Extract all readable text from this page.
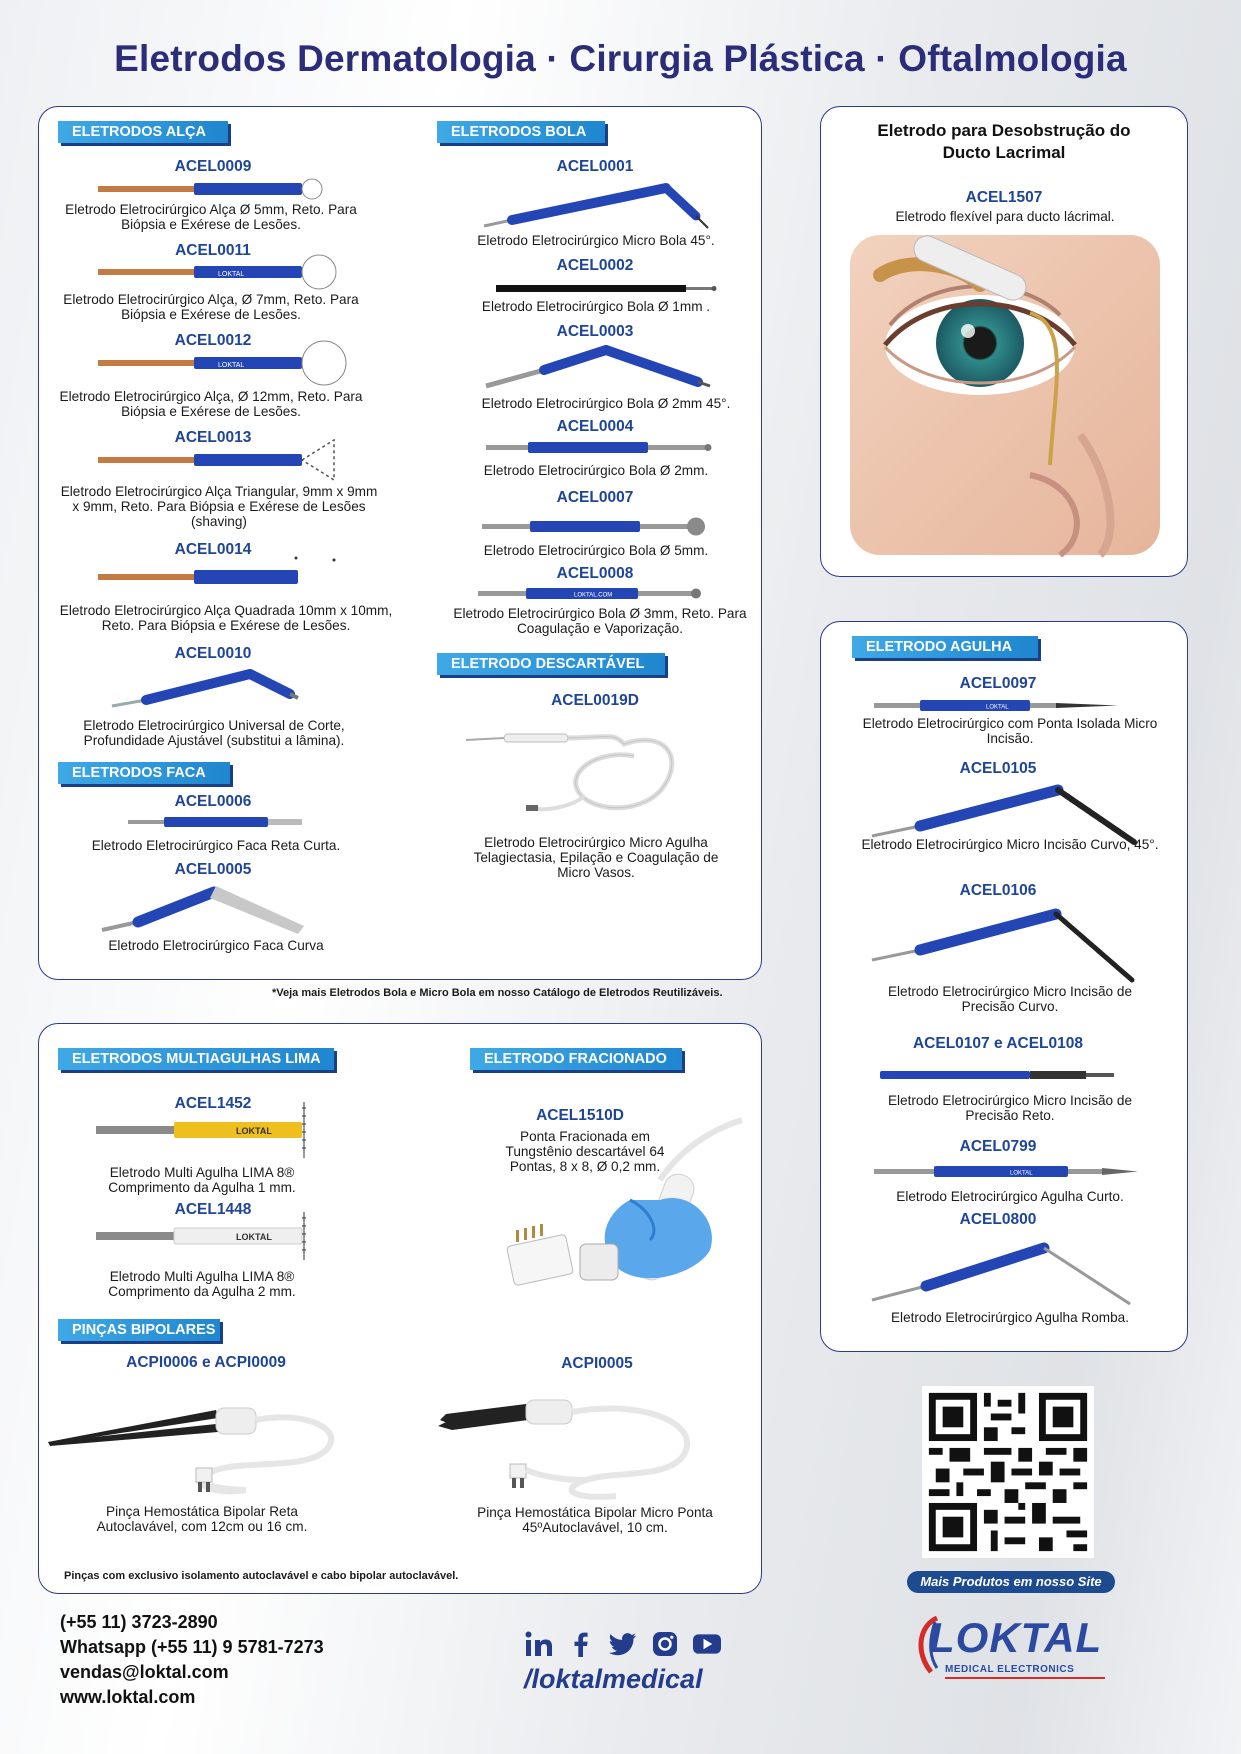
Eletrodos Dermatologia · Cirurgia Plástica · Oftalmologia
ELETRODOS ALÇA
ACEL0009
Eletrodo Eletrocirúrgico Alça Ø 5mm, Reto. Para Biópsia e Exérese de Lesões.
ACEL0011
LOKTAL
Eletrodo Eletrocirúrgico Alça, Ø 7mm, Reto. Para Biópsia e Exérese de Lesões.
ACEL0012
LOKTAL
Eletrodo Eletrocirúrgico Alça, Ø 12mm, Reto. Para Biópsia e Exérese de Lesões.
ACEL0013
Eletrodo Eletrocirúrgico Alça Triangular, 9mm x 9mm x 9mm, Reto. Para Biópsia e Exérese de Lesões (shaving)
ACEL0014
Eletrodo Eletrocirúrgico Alça Quadrada 10mm x 10mm, Reto. Para Biópsia e Exérese de Lesões.
ACEL0010
Eletrodo Eletrocirúrgico Universal de Corte, Profundidade Ajustável (substitui a lâmina).
ELETRODOS FACA
ACEL0006
Eletrodo Eletrocirúrgico Faca Reta Curta.
ACEL0005
Eletrodo Eletrocirúrgico Faca Curva
ELETRODOS BOLA
ACEL0001
Eletrodo Eletrocirúrgico Micro Bola 45°.
ACEL0002
Eletrodo Eletrocirúrgico Bola Ø 1mm .
ACEL0003
Eletrodo Eletrocirúrgico Bola Ø 2mm 45°.
ACEL0004
Eletrodo Eletrocirúrgico Bola Ø 2mm.
ACEL0007
Eletrodo Eletrocirúrgico Bola Ø 5mm.
ACEL0008
LOKTAL.COM
Eletrodo Eletrocirúrgico Bola Ø 3mm, Reto. Para Coagulação e Vaporização.
ELETRODO DESCARTÁVEL
ACEL0019D
Eletrodo Eletrocirúrgico Micro Agulha Telagiectasia, Epilação e Coagulação de Micro Vasos.
*Veja mais Eletrodos Bola e Micro Bola em nosso Catálogo de Eletrodos Reutilizáveis.
Eletrodo para Desobstrução do Ducto Lacrimal
ACEL1507
Eletrodo flexível para ducto lácrimal.
ELETRODO AGULHA
ACEL0097
LOKTAL
Eletrodo Eletrocirúrgico com Ponta Isolada Micro Incisão.
ACEL0105
Eletrodo Eletrocirúrgico Micro Incisão Curvo, 45°.
ACEL0106
Eletrodo Eletrocirúrgico Micro Incisão de Precisão Curvo.
ACEL0107 e ACEL0108
Eletrodo Eletrocirúrgico Micro Incisão de Precisão Reto.
ACEL0799
LOKTAL
Eletrodo Eletrocirúrgico Agulha Curto.
ACEL0800
Eletrodo Eletrocirúrgico Agulha Romba.
ELETRODOS MULTIAGULHAS LIMA
ACEL1452
LOKTAL
Eletrodo Multi Agulha LIMA 8® Comprimento da Agulha 1 mm.
ACEL1448
LOKTAL
Eletrodo Multi Agulha LIMA 8® Comprimento da Agulha 2 mm.
ELETRODO FRACIONADO
ACEL1510D
Ponta Fracionada em Tungstênio descartável 64 Pontas, 8 x 8, Ø 0,2 mm.
PINÇAS BIPOLARES
ACPI0006 e ACPI0009
Pinça Hemostática Bipolar Reta Autoclavável, com 12cm ou 16 cm.
ACPI0005
Pinça Hemostática Bipolar Micro Ponta 45ºAutoclavável, 10 cm.
Pinças com exclusivo isolamento autoclavável e cabo bipolar autoclavável.	Mais Produtos em nosso Site
(+55 11) 3723-2890
Whatsapp (+55 11) 9 5781-7273
vendas@loktal.com
www.loktal.com
/loktalmedical
LOKTAL
MEDICAL ELECTRONICS
